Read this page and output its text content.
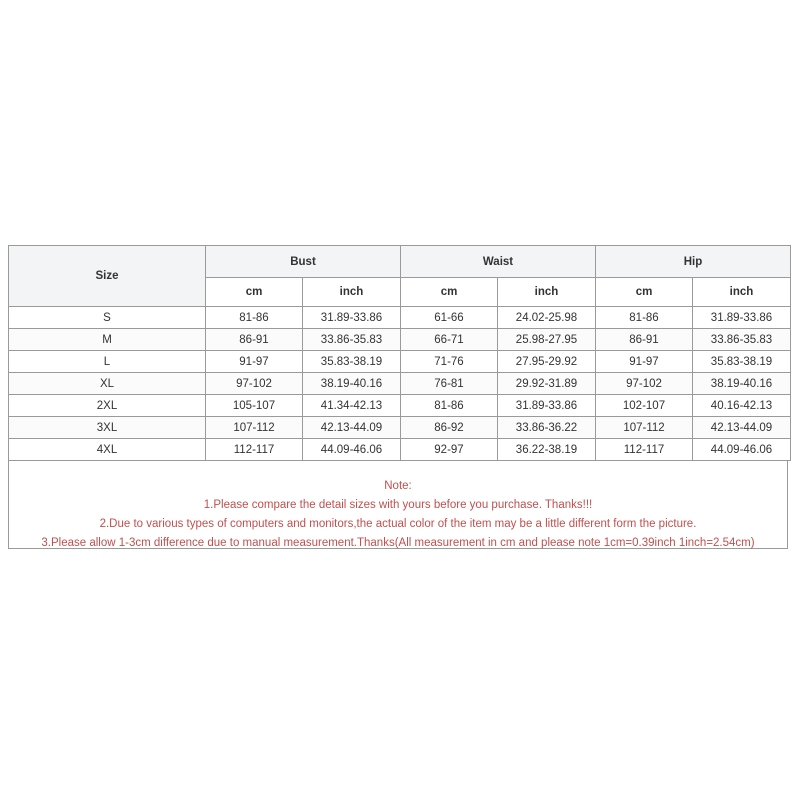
Size	Bust		Waist		Hip	
	cm	inch	cm	inch	cm	inch
S	81-86	31.89-33.86	61-66	24.02-25.98	81-86	31.89-33.86
M	86-91	33.86-35.83	66-71	25.98-27.95	86-91	33.86-35.83
L	91-97	35.83-38.19	71-76	27.95-29.92	91-97	35.83-38.19
XL	97-102	38.19-40.16	76-81	29.92-31.89	97-102	38.19-40.16
2XL	105-107	41.34-42.13	81-86	31.89-33.86	102-107	40.16-42.13
3XL	107-112	42.13-44.09	86-92	33.86-36.22	107-112	42.13-44.09
4XL	112-117	44.09-46.06	92-97	36.22-38.19	112-117	44.09-46.06
Note:
1.Please compare the detail sizes with yours before you purchase. Thanks!!!
2.Due to various types of computers and monitors,the actual color of the item may be a little different form the picture.
3.Please allow 1-3cm difference due to manual measurement.Thanks(All measurement in cm and please note 1cm=0.39inch 1inch=2.54cm)
